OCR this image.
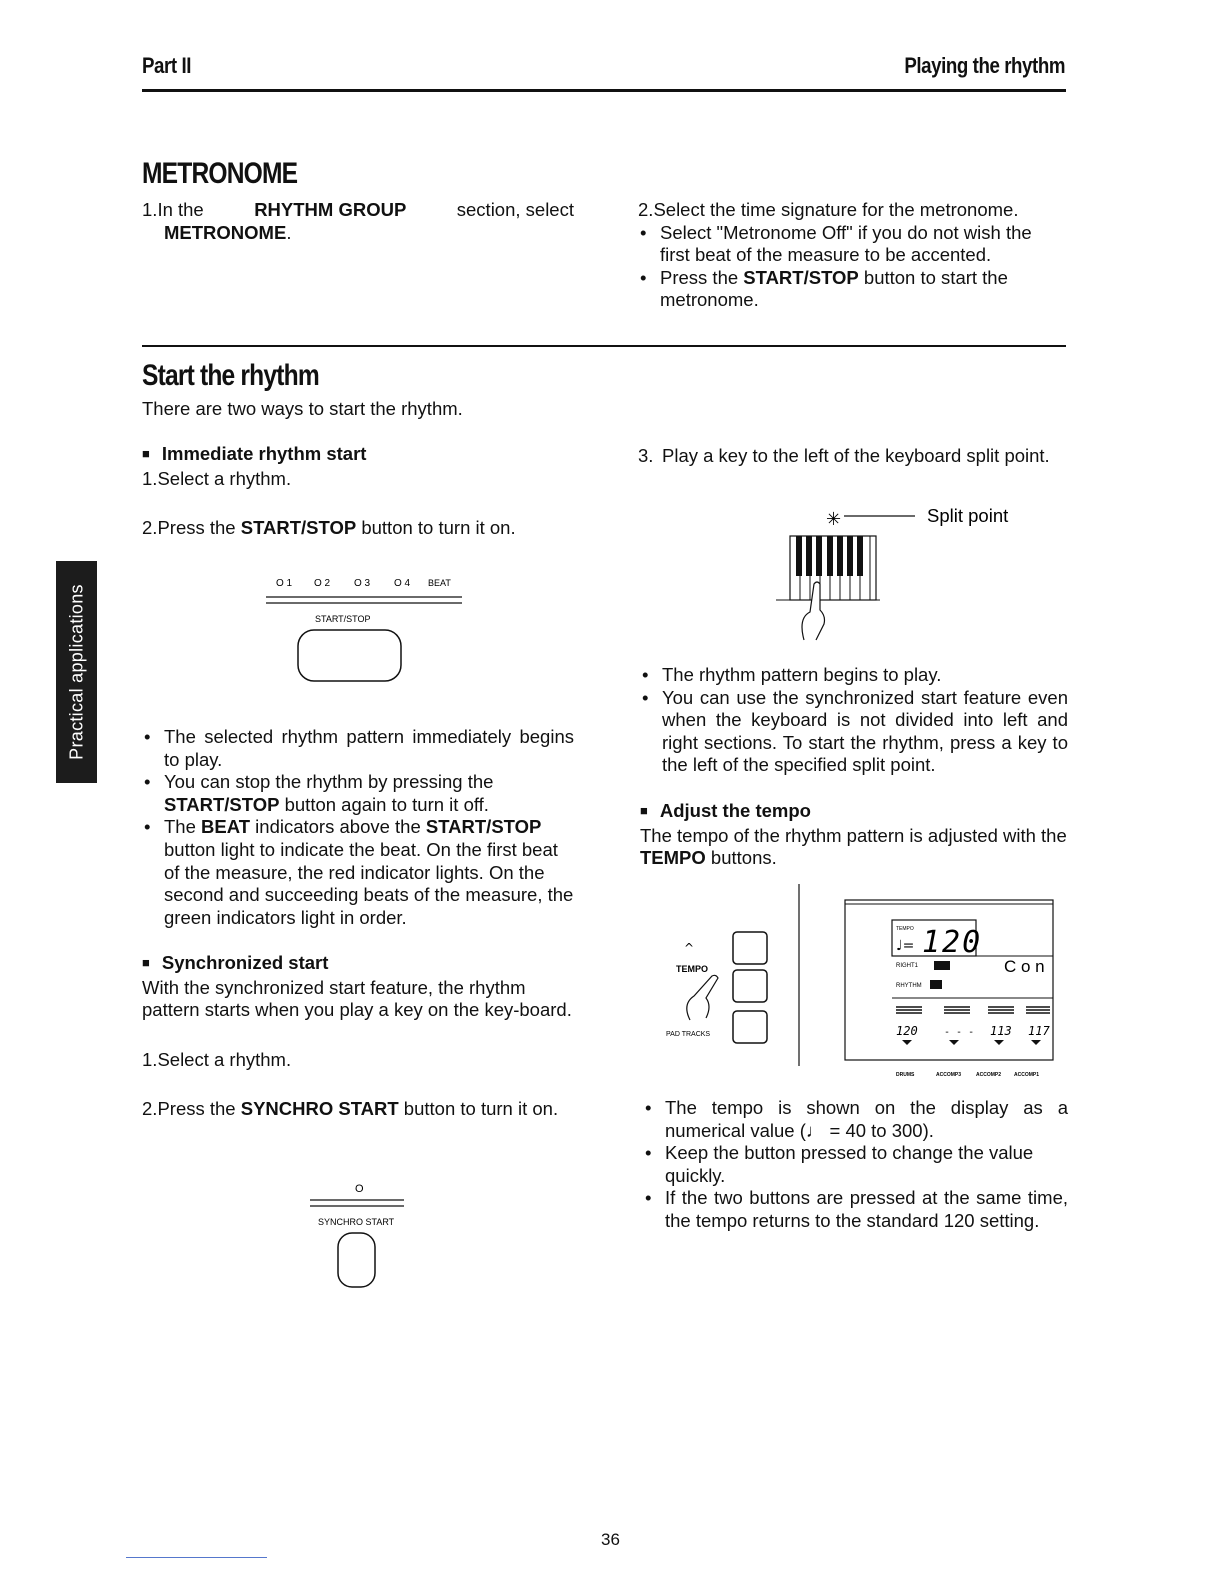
Part II	Playing the rhythm
Practical applications
METRONOME
1.In the	RHYTHM GROUP	section, select
METRONOME.
2.Select the time signature for the metronome.
• Select "Metronome Off" if you do not wish the first beat of the measure to be accented.
• Press the START/STOP button to start the metronome.
Start the rhythm
There are two ways to start the rhythm.
■ Immediate rhythm start
1.Select a rhythm.
2.Press the START/STOP button to turn it on.
O 1 O 2 O 3 O 4 BEAT
START/STOP
• The selected rhythm pattern immediately begins to play.
• You can stop the rhythm by pressing the START/STOP button again to turn it off.
• The BEAT indicators above the START/STOP button light to indicate the beat. On the first beat of the measure, the red indicator lights. On the second and succeeding beats of the measure, the green indicators light in order.
■ Synchronized start
With the synchronized start feature, the rhythm pattern starts when you play a key on the key-board.
1.Select a rhythm.
2.Press the SYNCHRO START button to turn it on.
O
SYNCHRO START
3. Play a key to the left of the keyboard split point.
✳	Split point
• The rhythm pattern begins to play.
• You can use the synchronized start feature even when the keyboard is not divided into left and right sections. To start the rhythm, press a key to the left of the specified split point.
■ Adjust the tempo
The tempo of the rhythm pattern is adjusted with the TEMPO buttons.
^
TEMPO
PAD TRACKS
TEMPO
♩= 120
RIGHT1	C o n
RHYTHM
120	- - - 113 117
DRUMS	ACCOMP3	ACCOMP2	ACCOMP1
• The tempo is shown on the display as a numerical value (♩ = 40 to 300).
• Keep the button pressed to change the value quickly.
• If the two buttons are pressed at the same time, the tempo returns to the standard 120 setting.
36
